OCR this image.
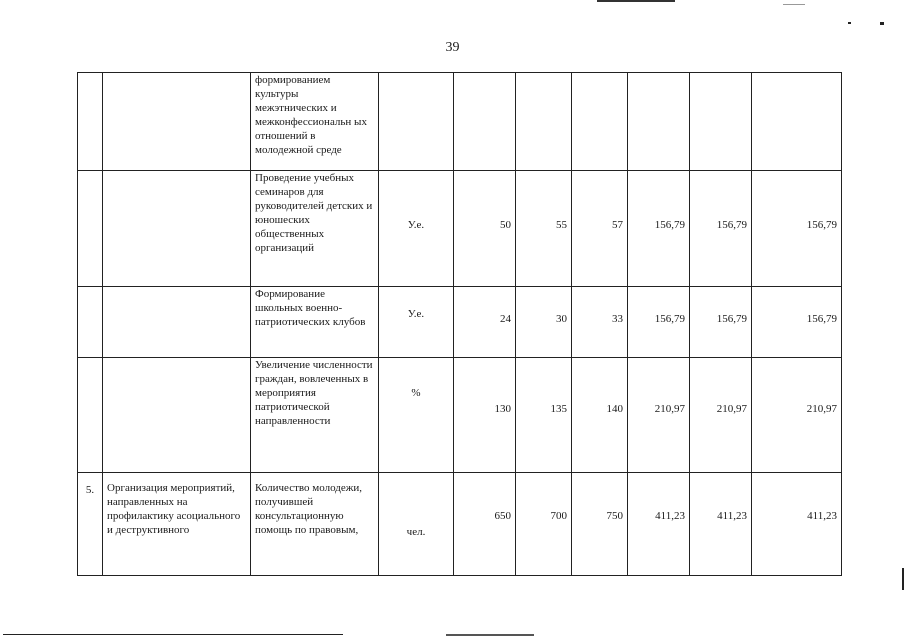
39
		формированием культуры межэтнических и межконфессиональн ых отношений в молодежной среде							
		Проведение учебных семинаров для руководителей детских и юношеских общественных организаций	У.е.	50	55	57	156,79	156,79	156,79
		Формирование школьных военно-патриотических клубов	У.е.	24	30	33	156,79	156,79	156,79
		Увеличение численности граждан, вовлеченных в мероприятия патриотической направленности	%	130	135	140	210,97	210,97	210,97
5.	Организация мероприятий, направленных на профилактику асоциального и деструктивного	Количество молодежи, получившей консультационную помощь по правовым,	чел.	650	700	750	411,23	411,23	411,23
